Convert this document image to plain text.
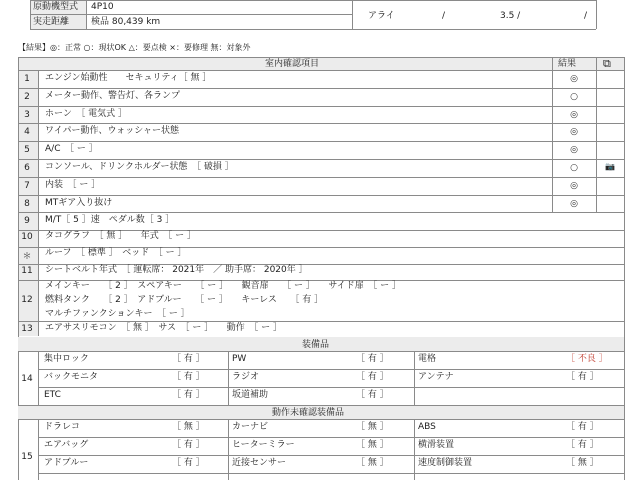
原動機型式 4P10
実走距離 検品 80,439 km
アライ	/	3.5 /	/
【結果】◎：正常 ○：現状OK △：要点検 ×：要修理 無：対象外
室内確認項目	結果 ⧉
1	エンジン始動性　　セキュリティ［ 無 ］	◎
2	メーター動作、警告灯、各ランプ	○
3	ホーン　［ 電気式 ］	◎
4	ワイパー動作、ウォッシャー状態	◎
5	A/C　［ ー ］	◎
6	コンソール、ドリンクホルダー状態　［ 破損 ］	○	📷
7	内装　［ ー ］	◎
8	MTギア入り抜け	◎
9	M/T［ 5 ］速　ペダル数［ 3 ］
10 タコグラフ　［ 無 ］　　年式　［ ー ］
＊	ルーフ　［ 標準 ］　ベッド　［ ー ］
11 シートベルト年式　［ 運転席： 2021年　／ 助手席： 2020年 ］
12
メインキー　　［ 2 ］　スペアキー　　［ ー ］　　観音扉　　［ ー ］　　サイド扉　［ ー ］
燃料タンク　　［ 2 ］　アドブルー　　［ ー ］　　キーレス　　［ 有 ］
マルチファンクションキー　［ ー ］
13 エアサスリモコン　［ 無 ］　サス　［ ー ］　　動作　［ ー ］
装備品
14
集中ロック	［ 有 ］	PW	［ 有 ］	電格	［ 不良 ］
バックモニタ	［ 有 ］	ラジオ	［ 有 ］	アンテナ	［ 有 ］
ETC	［ 有 ］	坂道補助	［ 有 ］
動作未確認装備品
15
ドラレコ	［ 無 ］	カーナビ	［ 無 ］	ABS	［ 有 ］
エアバッグ	［ 有 ］	ヒーターミラー	［ 無 ］	横滑装置	［ 有 ］
アドブルー	［ 有 ］	近接センサー	［ 無 ］	速度制御装置	［ 無 ］
